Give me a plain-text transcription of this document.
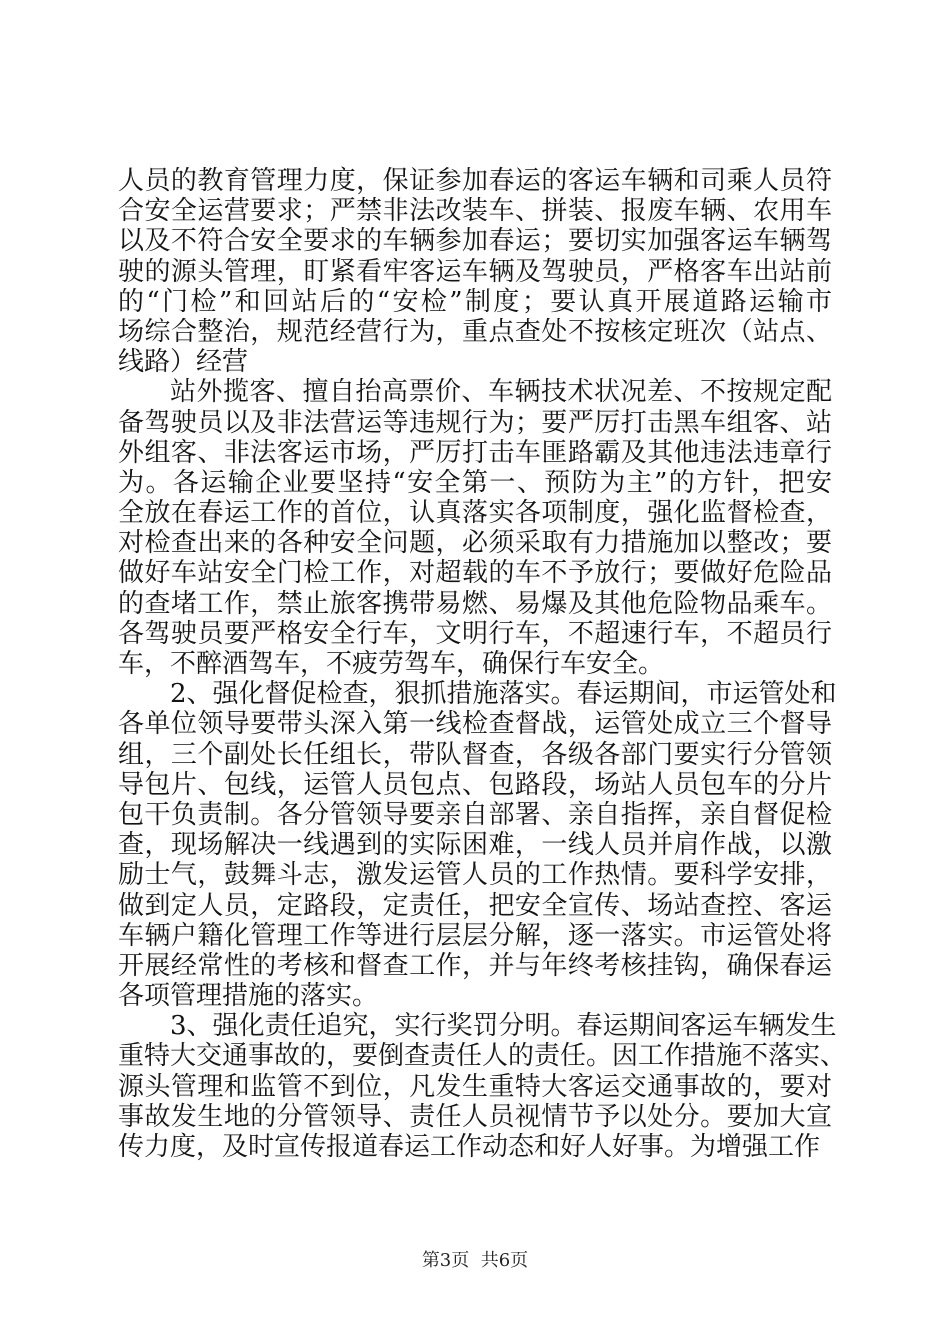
人员的教育管理力度，保证参加春运的客运车辆和司乘人员符
合安全运营要求；严禁非法改装车、拼装、报废车辆、农用车
以及不符合安全要求的车辆参加春运；要切实加强客运车辆驾
驶的源头管理，盯紧看牢客运车辆及驾驶员，严格客车出站前
的“门检”和回站后的“安检”制度；要认真开展道路运输市
场综合整治，规范经营行为，重点查处不按核定班次（站点、
线路）经营
站外揽客、擅自抬高票价、车辆技术状况差、不按规定配
备驾驶员以及非法营运等违规行为；要严厉打击黑车组客、站
外组客、非法客运市场，严厉打击车匪路霸及其他违法违章行
为。各运输企业要坚持“安全第一、预防为主”的方针，把安
全放在春运工作的首位，认真落实各项制度，强化监督检查，
对检查出来的各种安全问题，必须采取有力措施加以整改；要
做好车站安全门检工作，对超载的车不予放行；要做好危险品
的查堵工作，禁止旅客携带易燃、易爆及其他危险物品乘车。
各驾驶员要严格安全行车，文明行车，不超速行车，不超员行
车，不醉酒驾车，不疲劳驾车，确保行车安全。
2、强化督促检查，狠抓措施落实。春运期间，市运管处和
各单位领导要带头深入第一线检查督战，运管处成立三个督导
组，三个副处长任组长，带队督查，各级各部门要实行分管领
导包片、包线，运管人员包点、包路段，场站人员包车的分片
包干负责制。各分管领导要亲自部署、亲自指挥，亲自督促检
查，现场解决一线遇到的实际困难，一线人员并肩作战，以激
励士气，鼓舞斗志，激发运管人员的工作热情。要科学安排，
做到定人员，定路段，定责任，把安全宣传、场站查控、客运
车辆户籍化管理工作等进行层层分解，逐一落实。市运管处将
开展经常性的考核和督查工作，并与年终考核挂钩，确保春运
各项管理措施的落实。
3、强化责任追究，实行奖罚分明。春运期间客运车辆发生
重特大交通事故的，要倒查责任人的责任。因工作措施不落实、
源头管理和监管不到位，凡发生重特大客运交通事故的，要对
事故发生地的分管领导、责任人员视情节予以处分。要加大宣
传力度，及时宣传报道春运工作动态和好人好事。为增强工作
第3页  共6页
